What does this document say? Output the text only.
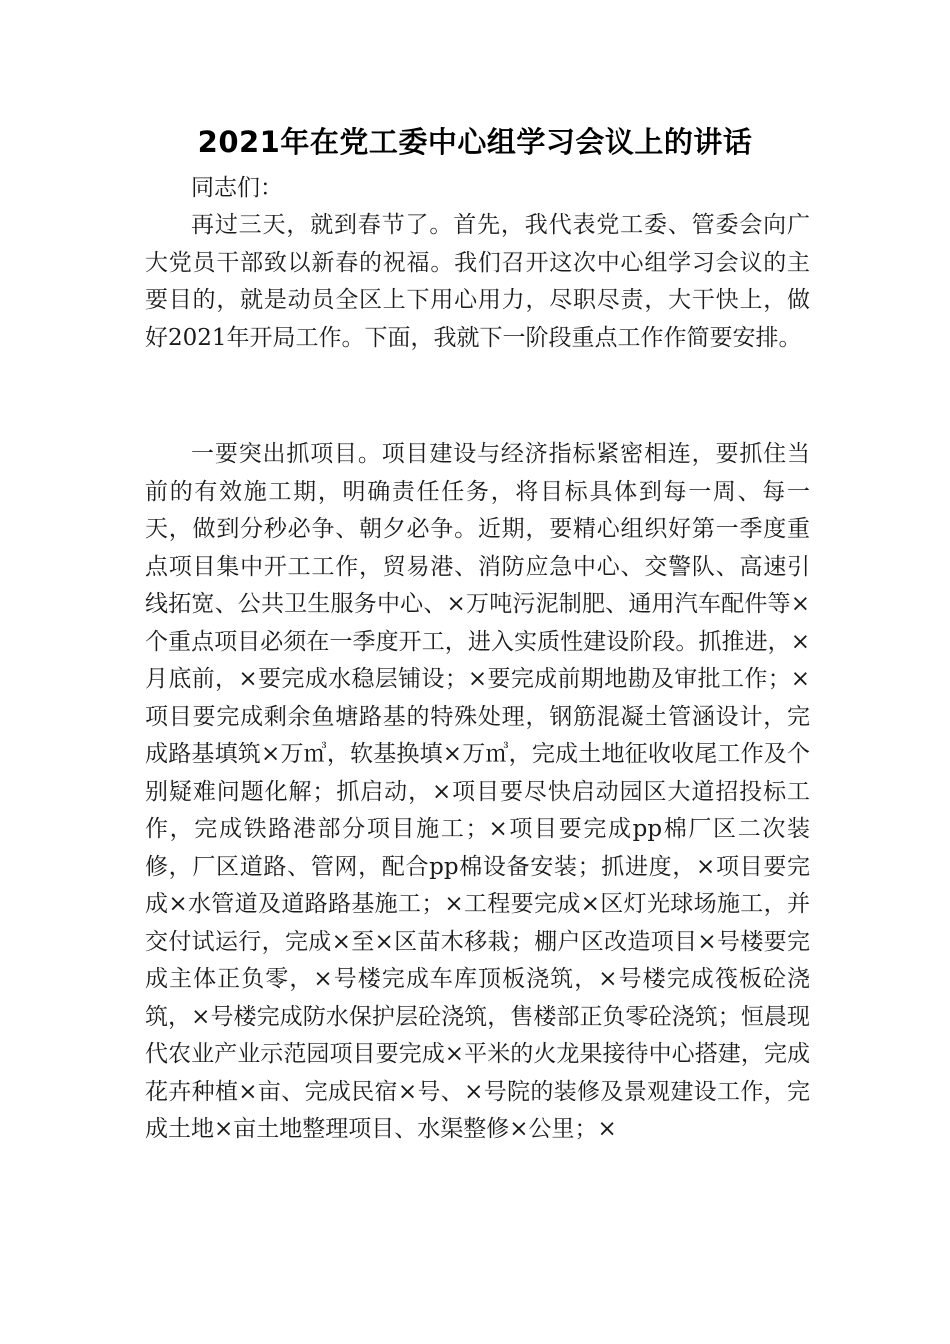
2021年在党工委中心组学习会议上的讲话

同志们：

再过三天，就到春节了。首先，我代表党工委、管委会向广大党员干部致以新春的祝福。我们召开这次中心组学习会议的主要目的，就是动员全区上下用心用力，尽职尽责，大干快上，做好2021年开局工作。下面，我就下一阶段重点工作作简要安排。

一要突出抓项目。项目建设与经济指标紧密相连，要抓住当前的有效施工期，明确责任任务，将目标具体到每一周、每一天，做到分秒必争、朝夕必争。近期，要精心组织好第一季度重点项目集中开工工作，贸易港、消防应急中心、交警队、高速引线拓宽、公共卫生服务中心、×万吨污泥制肥、通用汽车配件等×个重点项目必须在一季度开工，进入实质性建设阶段。抓推进，×月底前，×要完成水稳层铺设；×要完成前期地勘及审批工作；×项目要完成剩余鱼塘路基的特殊处理，钢筋混凝土管涵设计，完成路基填筑×万㎥，软基换填×万㎥，完成土地征收收尾工作及个别疑难问题化解；抓启动，×项目要尽快启动园区大道招投标工作，完成铁路港部分项目施工；×项目要完成pp棉厂区二次装修，厂区道路、管网，配合pp棉设备安装；抓进度，×项目要完成×水管道及道路路基施工；×工程要完成×区灯光球场施工，并交付试运行，完成×至×区苗木移栽；棚户区改造项目×号楼要完成主体正负零，×号楼完成车库顶板浇筑，×号楼完成筏板砼浇筑，×号楼完成防水保护层砼浇筑，售楼部正负零砼浇筑；恒晨现代农业产业示范园项目要完成×平米的火龙果接待中心搭建，完成花卉种植×亩、完成民宿×号、×号院的装修及景观建设工作，完成土地×亩土地整理项目、水渠整修×公里；×
